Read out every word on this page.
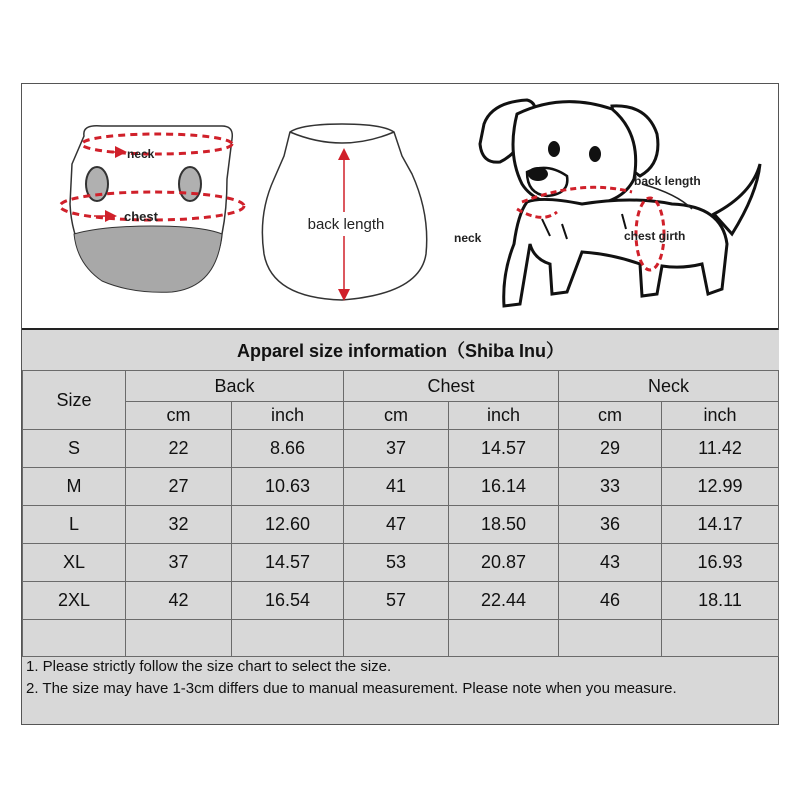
neck
chest	back length
back length
neck	chest girth
Apparel size information（Shiba Inu）						
Size	Back		Chest		Neck	
	cm	inch	cm	inch	cm	inch
S	22	8.66	37	14.57	29	11.42
M	27	10.63	41	16.14	33	12.99
L	32	12.60	47	18.50	36	14.17
XL	37	14.57	53	20.87	43	16.93
2XL	42	16.54	57	22.44	46	18.11

1. Please strictly follow the size chart to select the size.
2. The size may have 1-3cm differs due to manual measurement. Please note when you measure.
